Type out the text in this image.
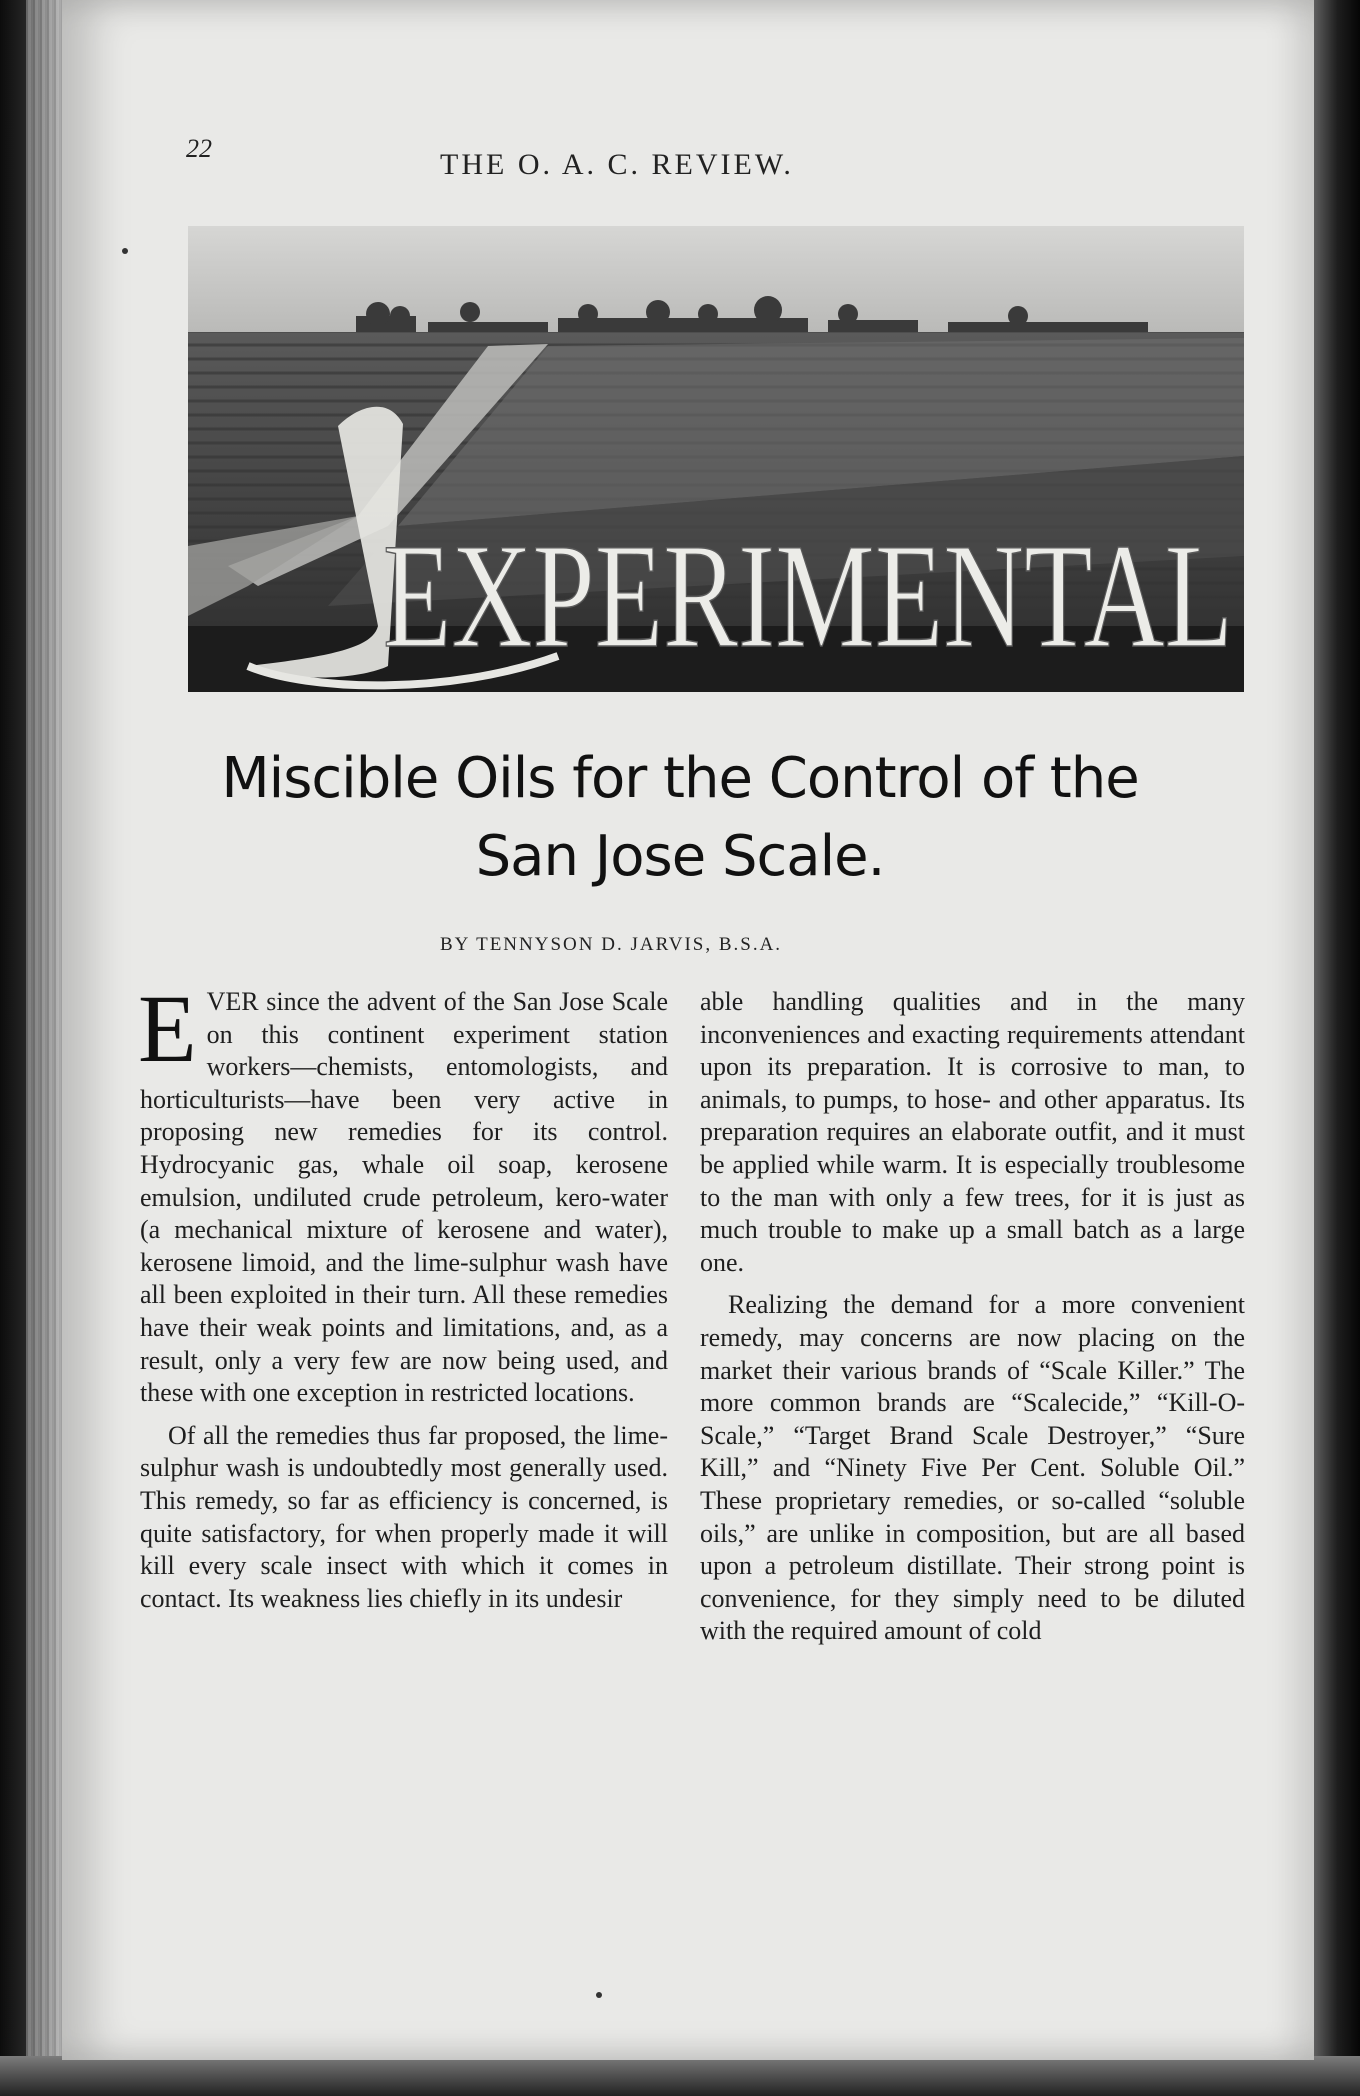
22	THE O. A. C. REVIEW.
EXPERIMENTAL
Miscible Oils for the Control of the
San Jose Scale.
BY TENNYSON D. JARVIS, B.S.A.

EVER since the advent of the San Jose Scale on this continent experiment station workers—chemists, entomologists, and horticulturists—have been very active in proposing new remedies for its control. Hydrocyanic gas, whale oil soap, kerosene emulsion, undiluted crude petroleum, kero-water (a mechanical mixture of kerosene and water), kerosene limoid, and the lime-sulphur wash have all been exploited in their turn. All these remedies have their weak points and limitations, and, as a result, only a very few are now being used, and these with one exception in restricted locations.

Of all the remedies thus far proposed, the lime-sulphur wash is undoubtedly most generally used. This remedy, so far as efficiency is concerned, is quite satisfactory, for when properly made it will kill every scale insect with which it comes in contact. Its weakness lies chiefly in its undesir

able handling qualities and in the many inconveniences and exacting requirements attendant upon its preparation. It is corrosive to man, to animals, to pumps, to hose- and other apparatus. Its preparation requires an elaborate outfit, and it must be applied while warm. It is especially troublesome to the man with only a few trees, for it is just as much trouble to make up a small batch as a large one.

Realizing the demand for a more convenient remedy, may concerns are now placing on the market their various brands of “Scale Killer.” The more common brands are “Scalecide,” “Kill-O-Scale,” “Target Brand Scale Destroyer,” “Sure Kill,” and “Ninety Five Per Cent. Soluble Oil.” These proprietary remedies, or so-called “soluble oils,” are unlike in composition, but are all based upon a petroleum distillate. Their strong point is convenience, for they simply need to be diluted with the required amount of cold
